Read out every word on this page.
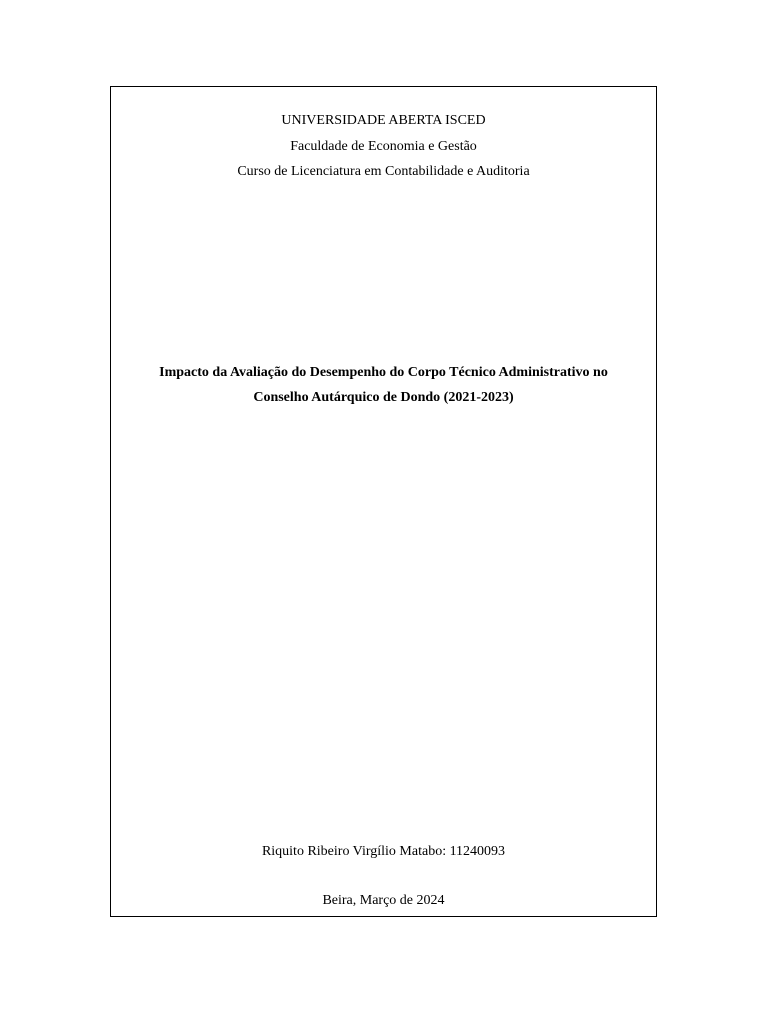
UNIVERSIDADE ABERTA ISCED
Faculdade de Economia e Gestão
Curso de Licenciatura em Contabilidade e Auditoria
Impacto da Avaliação do Desempenho do Corpo Técnico Administrativo no
Conselho Autárquico de Dondo (2021-2023)
Riquito Ribeiro Virgílio Matabo: 11240093
Beira, Março de 2024
